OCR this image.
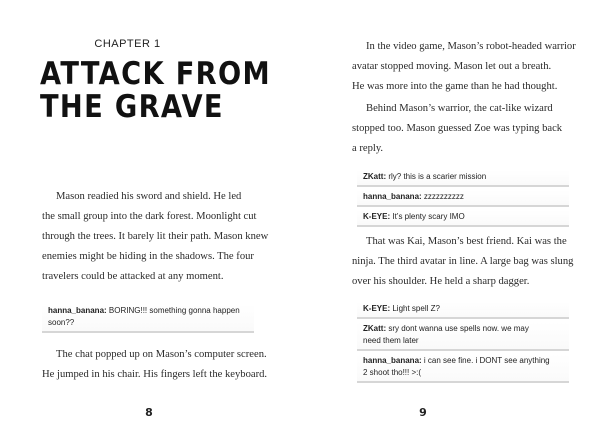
CHAPTER 1
ATTACK FROM
THE GRAVE

Mason readied his sword and shield. He led
the small group into the dark forest. Moonlight cut
through the trees. It barely lit their path. Mason knew
enemies might be hiding in the shadows. The four
travelers could be attacked at any moment.

hanna_banana: BORING!!! something gonna happen
soon??

The chat popped up on Mason’s computer screen.
He jumped in his chair. His fingers left the keyboard.

8

In the video game, Mason’s robot-headed warrior
avatar stopped moving. Mason let out a breath.
He was more into the game than he had thought.

Behind Mason’s warrior, the cat-like wizard
stopped too. Mason guessed Zoe was typing back
a reply.

ZKatt: rly? this is a scarier mission
hanna_banana: zzzzzzzzzz
K-EYE: It’s plenty scary IMO

That was Kai, Mason’s best friend. Kai was the
ninja. The third avatar in line. A large bag was slung
over his shoulder. He held a sharp dagger.

K-EYE: Light spell Z?
ZKatt: sry dont wanna use spells now. we may
need them later
hanna_banana: i can see fine. i DONT see anything
2 shoot tho!!! >:(
9
